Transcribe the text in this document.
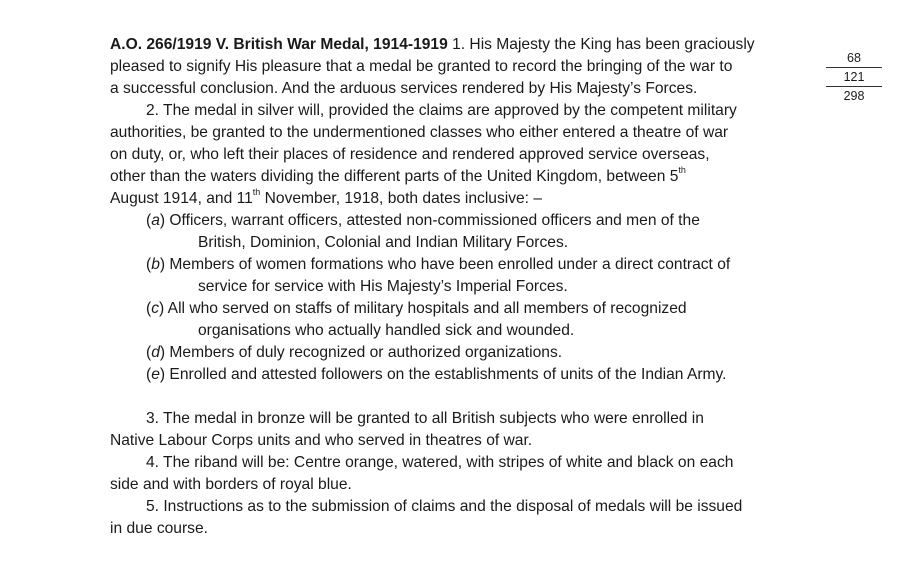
A.O. 266/1919 V. British War Medal, 1914-1919 1. His Majesty the King has been graciously
pleased to signify His pleasure that a medal be granted to record the bringing of the war to
a successful conclusion. And the arduous services rendered by His Majesty’s Forces.
2. The medal in silver will, provided the claims are approved by the competent military
authorities, be granted to the undermentioned classes who either entered a theatre of war
on duty, or, who left their places of residence and rendered approved service overseas,
other than the waters dividing the different parts of the United Kingdom, between 5th
August 1914, and 11th November, 1918, both dates inclusive: –
(a) Officers, warrant officers, attested non-commissioned officers and men of the
British, Dominion, Colonial and Indian Military Forces.
(b) Members of women formations who have been enrolled under a direct contract of
service for service with His Majesty’s Imperial Forces.
(c) All who served on staffs of military hospitals and all members of recognized
organisations who actually handled sick and wounded.
(d) Members of duly recognized or authorized organizations.
(e) Enrolled and attested followers on the establishments of units of the Indian Army.
3. The medal in bronze will be granted to all British subjects who were enrolled in
Native Labour Corps units and who served in theatres of war.
4. The riband will be: Centre orange, watered, with stripes of white and black on each
side and with borders of royal blue.
5. Instructions as to the submission of claims and the disposal of medals will be issued
in due course.
68
121
298
